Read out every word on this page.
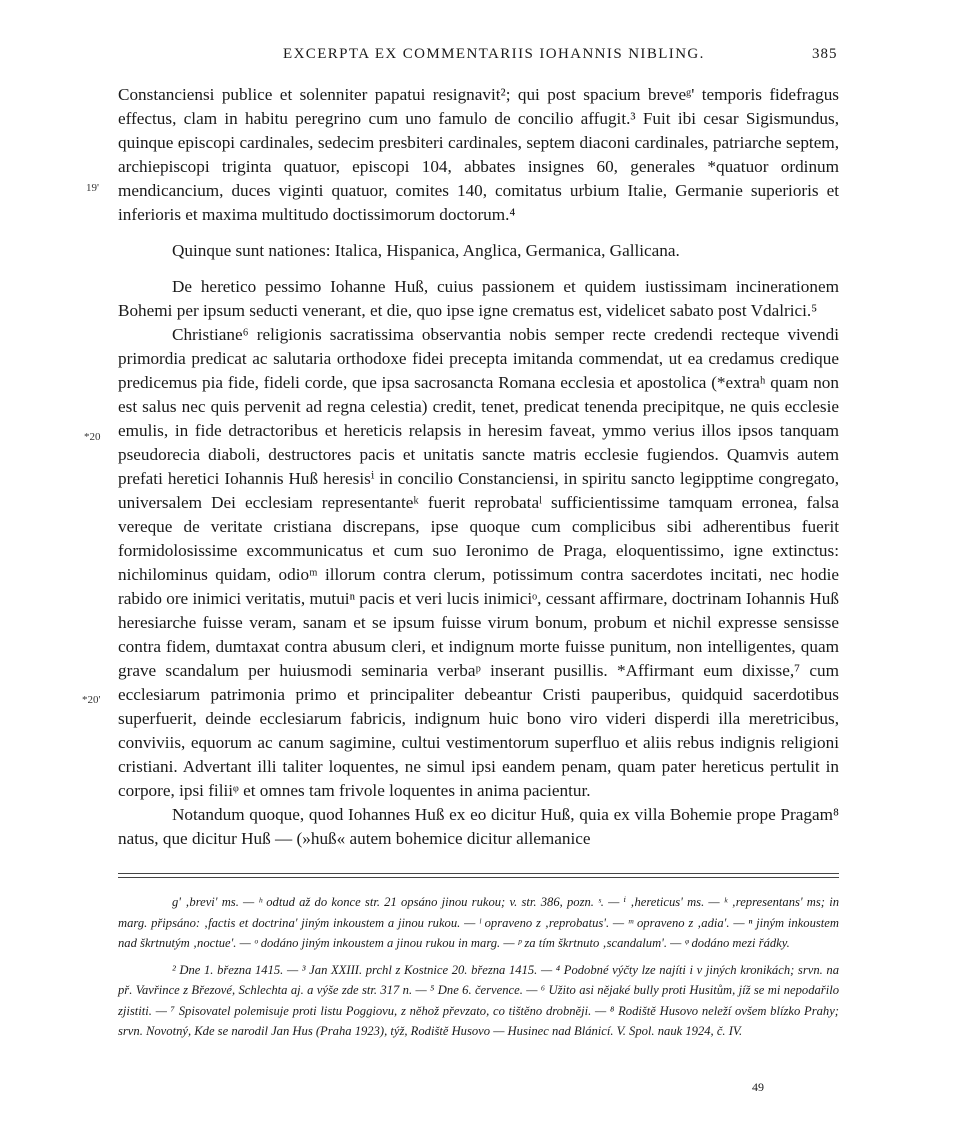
EXCERPTA EX COMMENTARIIS IOHANNIS NIBLING.	385
19'
*20
*20'

Constanciensi publice et solenniter papatui resignavit²; qui post spacium breveᵍ' temporis fidefragus effectus, clam in habitu peregrino cum uno famulo de concilio affugit.³ Fuit ibi cesar Sigismundus, quinque episcopi cardinales, sedecim presbiteri cardinales, septem diaconi cardinales, patriarche septem, archiepiscopi triginta quatuor, episcopi 104, abbates insignes 60, generales *quatuor ordinum mendicancium, duces viginti quatuor, comites 140, comitatus urbium Italie, Germanie superioris et inferioris et maxima multitudo doctissimorum doctorum.⁴

Quinque sunt nationes: Italica, Hispanica, Anglica, Germanica, Gallicana.

De heretico pessimo Iohanne Huß, cuius passionem et quidem iustissimam incinerationem Bohemi per ipsum seducti venerant, et die, quo ipse igne crematus est, videlicet sabato post Vdalrici.⁵

Christiane⁶ religionis sacratissima observantia nobis semper recte credendi recteque vivendi primordia predicat ac salutaria orthodoxe fidei precepta imitanda commendat, ut ea credamus credique predicemus pia fide, fideli corde, que ipsa sacrosancta Romana ecclesia et apostolica (*extraʰ quam non est salus nec quis pervenit ad regna celestia) credit, tenet, predicat tenenda precipitque, ne quis ecclesie emulis, in fide detractoribus et hereticis relapsis in heresim faveat, ymmo verius illos ipsos tanquam pseudorecia diaboli, destructores pacis et unitatis sancte matris ecclesie fugiendos. Quamvis autem prefati heretici Iohannis Huß heresisⁱ in concilio Constanciensi, in spiritu sancto legipptime congregato, universalem Dei ecclesiam representanteᵏ fuerit reprobataˡ sufficientissime tamquam erronea, falsa vereque de veritate cristiana discrepans, ipse quoque cum complicibus sibi adherentibus fuerit formidolosissime excommunicatus et cum suo Ieronimo de Praga, eloquentissimo, igne extinctus: nichilominus quidam, odioᵐ illorum contra clerum, potissimum contra sacerdotes incitati, nec hodie rabido ore inimici veritatis, mutuiⁿ pacis et veri lucis inimiciᵒ, cessant affirmare, doctrinam Iohannis Huß heresiarche fuisse veram, sanam et se ipsum fuisse virum bonum, probum et nichil expresse sensisse contra fidem, dumtaxat contra abusum cleri, et indignum morte fuisse punitum, non intelligentes, quam grave scandalum per huiusmodi seminaria verbaᵖ inserant pusillis. *Affirmant eum dixisse,⁷ cum ecclesiarum patrimonia primo et principaliter debeantur Cristi pauperibus, quidquid sacerdotibus superfuerit, deinde ecclesiarum fabricis, indignum huic bono viro videri disperdi illa meretricibus, conviviis, equorum ac canum sagimine, cultui vestimentorum superfluo et aliis rebus indignis religioni cristiani. Advertant illi taliter loquentes, ne simul ipsi eandem penam, quam pater hereticus pertulit in corpore, ipsi filiiᵠ et omnes tam frivole loquentes in anima pacientur.

Notandum quoque, quod Iohannes Huß ex eo dicitur Huß, quia ex villa Bohemie prope Pragam⁸ natus, que dicitur Huß — (»huß« autem bohemice dicitur allemanice

g' ‚brevi' ms. — ʰ odtud až do konce str. 21 opsáno jinou rukou; v. str. 386, pozn. ˢ. — ⁱ ‚hereticus' ms. — ᵏ ‚representans' ms; in marg. připsáno: ‚factis et doctrina' jiným inkoustem a jinou rukou. — ˡ opraveno z ‚reprobatus'. — ᵐ opraveno z ‚adia'. — ⁿ jiným inkoustem nad škrtnutým ‚noctue'. — ᵒ dodáno jiným inkoustem a jinou rukou in marg. — ᵖ za tím škrtnuto ‚scandalum'. — ᵠ dodáno mezi řádky.

² Dne 1. března 1415. — ³ Jan XXIII. prchl z Kostnice 20. března 1415. — ⁴ Podobné výčty lze najíti i v jiných kronikách; srvn. na př. Vavřince z Březové, Schlechta aj. a výše zde str. 317 n. — ⁵ Dne 6. července. — ⁶ Užito asi nějaké bully proti Husitům, jíž se mi nepodařilo zjistiti. — ⁷ Spisovatel polemisuje proti listu Poggiovu, z něhož převzato, co tištěno drobněji. — ⁸ Rodiště Husovo neleží ovšem blízko Prahy; srvn. Novotný, Kde se narodil Jan Hus (Praha 1923), týž, Rodiště Husovo — Husinec nad Blánicí. V. Spol. nauk 1924, č. IV.

49
